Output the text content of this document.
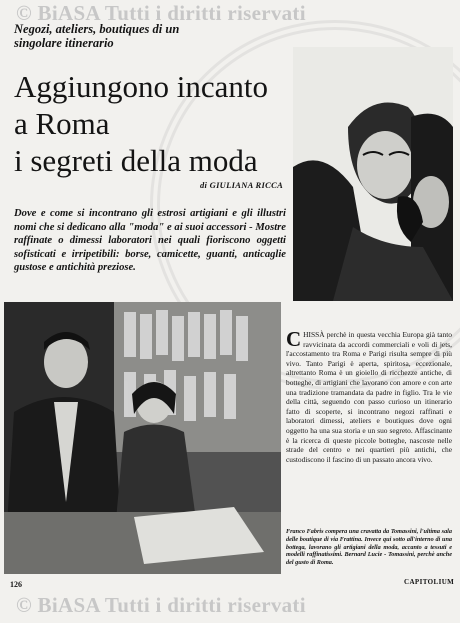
© BiASA Tutti i diritti riservati
Negozi, ateliers, boutiques di un singolare itinerario
Aggiungono incanto
a Roma
i segreti della moda
di GIULIANA RICCA
Dove e come si incontrano gli estrosi artigiani e gli illustri nomi che si dedicano alla "moda" e ai suoi accessori - Mostre raffinate o dimessi laboratori nei quali fioriscono oggetti sofisticati e irripetibili: borse, camicette, guanti, anticaglie gustose e antichità preziose.
CHISSÀ perchè in questa vecchia Europa già tanto ravvicinata da accordi commerciali e voli di jets, l'accostamento tra Roma e Parigi risulta sempre di più vivo. Tanto Parigi è aperta, spiritosa, eccezionale, altrettanto Roma è un gioiello di ricchezze antiche, di botteghe, di artigiani che lavorano con amore e con arte una tradizione tramandata da padre in figlio. Tra le vie della città, seguendo con passo curioso un itinerario fatto di scoperte, si incontrano negozi raffinati e laboratori dimessi, ateliers e boutiques dove ogni oggetto ha una sua storia e un suo segreto. Affascinante è la ricerca di queste piccole botteghe, nascoste nelle strade del centro e nei quartieri più antichi, che custodiscono il fascino di un passato ancora vivo.
Franco Fabris compera una cravatta da Tomassini, l'ultima sala delle boutique di via Frattina. Invece qui sotto all'interno di una bottega, lavorano gli artigiani della moda, accanto a tessuti e modelli raffinatissimi. Bernard Lucie - Tomassini, perchè anche del gusto di Roma.
126	CAPITOLIUM
© BiASA Tutti i diritti riservati
